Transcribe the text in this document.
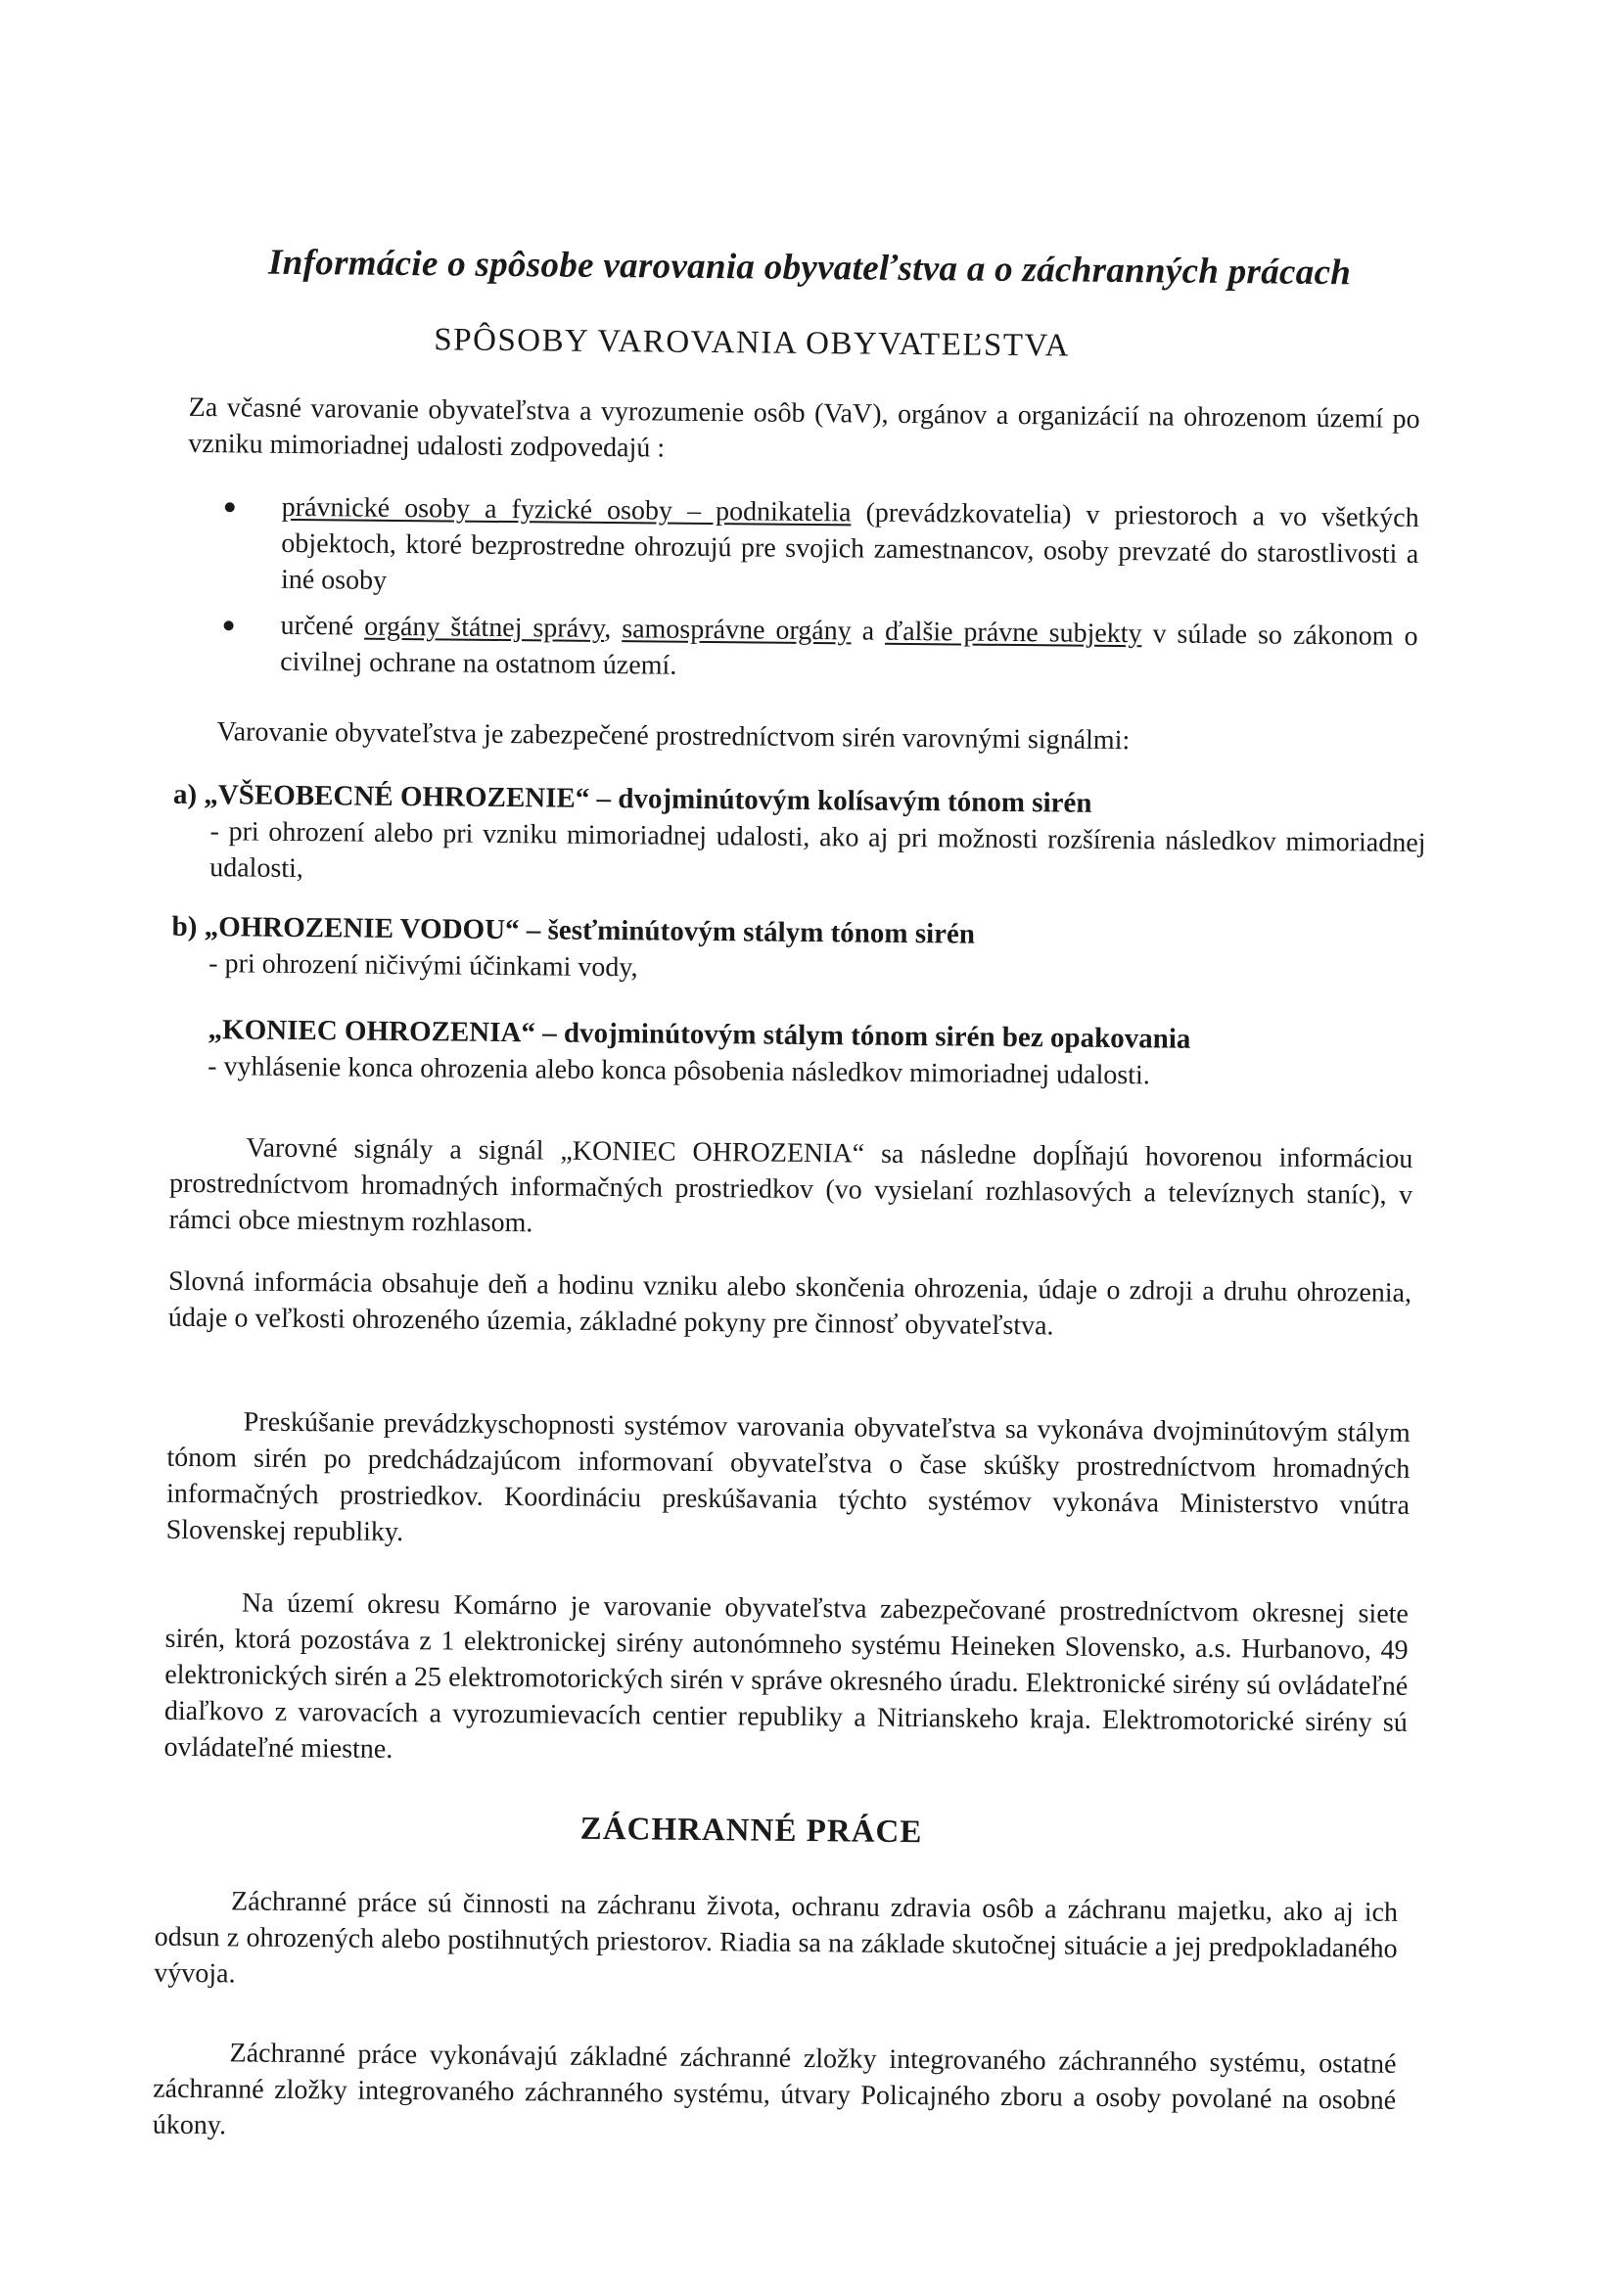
Informácie o spôsobe varovania obyvateľstva a o záchranných prácach
SPÔSOBY VAROVANIA OBYVATEĽSTVA

Za včasné varovanie obyvateľstva a vyrozumenie osôb (VaV), orgánov a organizácií na ohrozenom území po vzniku mimoriadnej udalosti zodpovedajú :

právnické osoby a fyzické osoby – podnikatelia (prevádzkovatelia) v priestoroch a vo všetkých objektoch, ktoré bezprostredne ohrozujú pre svojich zamestnancov, osoby prevzaté do starostlivosti a iné osoby
určené orgány štátnej správy, samosprávne orgány a ďalšie právne subjekty v súlade so zákonom o civilnej ochrane na ostatnom území.

Varovanie obyvateľstva je zabezpečené prostredníctvom sirén varovnými signálmi:

a) „VŠEOBECNÉ OHROZENIE“ – dvojminútovým kolísavým tónom sirén
- pri ohrození alebo pri vzniku mimoriadnej udalosti, ako aj pri možnosti rozšírenia následkov mimoriadnej udalosti,
b) „OHROZENIE VODOU“ – šesťminútovým stálym tónom sirén
- pri ohrození ničivými účinkami vody,
„KONIEC OHROZENIA“ – dvojminútovým stálym tónom sirén bez opakovania
- vyhlásenie konca ohrozenia alebo konca pôsobenia následkov mimoriadnej udalosti.

Varovné signály a signál „KONIEC OHROZENIA“ sa následne dopĺňajú hovorenou informáciou prostredníctvom hromadných informačných prostriedkov (vo vysielaní rozhlasových a televíznych staníc), v rámci obce miestnym rozhlasom.

Slovná informácia obsahuje deň a hodinu vzniku alebo skončenia ohrozenia, údaje o zdroji a druhu ohrozenia, údaje o veľkosti ohrozeného územia, základné pokyny pre činnosť obyvateľstva.

Preskúšanie prevádzkyschopnosti systémov varovania obyvateľstva sa vykonáva dvojminútovým stálym tónom sirén po predchádzajúcom informovaní obyvateľstva o čase skúšky prostredníctvom hromadných informačných prostriedkov. Koordináciu preskúšavania týchto systémov vykonáva Ministerstvo vnútra Slovenskej republiky.

Na území okresu Komárno je varovanie obyvateľstva zabezpečované prostredníctvom okresnej siete sirén, ktorá pozostáva z 1 elektronickej sirény autonómneho systému Heineken Slovensko, a.s. Hurbanovo, 49 elektronických sirén a 25 elektromotorických sirén v správe okresného úradu. Elektronické sirény sú ovládateľné diaľkovo z varovacích a vyrozumievacích centier republiky a Nitrianskeho kraja. Elektromotorické sirény sú ovládateľné miestne.

ZÁCHRANNÉ PRÁCE

Záchranné práce sú činnosti na záchranu života, ochranu zdravia osôb a záchranu majetku, ako aj ich odsun z ohrozených alebo postihnutých priestorov. Riadia sa na základe skutočnej situácie a jej predpokladaného vývoja.

Záchranné práce vykonávajú základné záchranné zložky integrovaného záchranného systému, ostatné záchranné zložky integrovaného záchranného systému, útvary Policajného zboru a osoby povolané na osobné úkony.
